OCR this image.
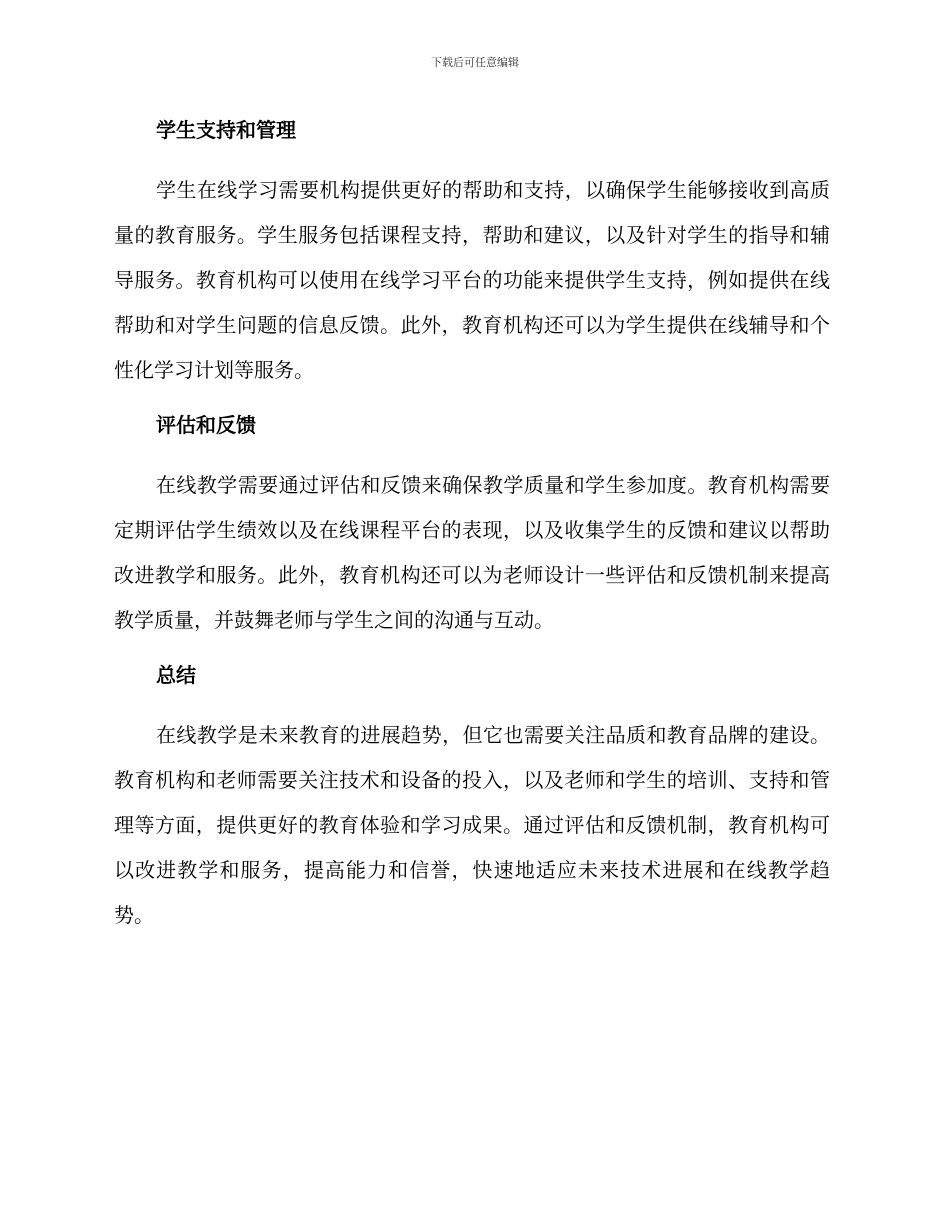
下载后可任意编辑
学生支持和管理

学生在线学习需要机构提供更好的帮助和支持，以确保学生能够接收到高质量的教育服务。学生服务包括课程支持，帮助和建议，以及针对学生的指导和辅导服务。教育机构可以使用在线学习平台的功能来提供学生支持，例如提供在线帮助和对学生问题的信息反馈。此外，教育机构还可以为学生提供在线辅导和个性化学习计划等服务。

评估和反馈

在线教学需要通过评估和反馈来确保教学质量和学生参加度。教育机构需要定期评估学生绩效以及在线课程平台的表现，以及收集学生的反馈和建议以帮助改进教学和服务。此外，教育机构还可以为老师设计一些评估和反馈机制来提高教学质量，并鼓舞老师与学生之间的沟通与互动。

总结

在线教学是未来教育的进展趋势，但它也需要关注品质和教育品牌的建设。教育机构和老师需要关注技术和设备的投入，以及老师和学生的培训、支持和管理等方面，提供更好的教育体验和学习成果。通过评估和反馈机制，教育机构可以改进教学和服务，提高能力和信誉，快速地适应未来技术进展和在线教学趋势。
